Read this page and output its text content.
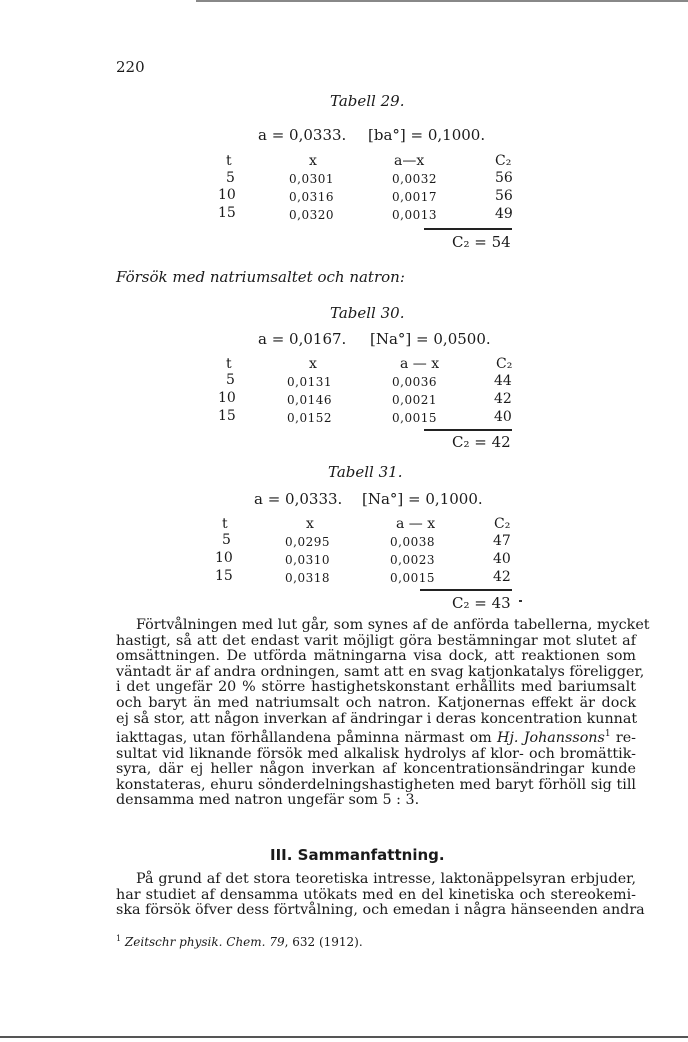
220
Tabell 29.
a = 0,0333. [ba°] = 0,1000.
t	x	a—x	C₂
5	0,0301	0,0032	56
10	0,0316	0,0017	56
15	0,0320	0,0013	49
C₂ = 54
Försök med natriumsaltet och natron:
Tabell 30.
a = 0,0167. [Na°] = 0,0500.
t	x	a — x	C₂
5	0,0131	0,0036	44
10	0,0146	0,0021	42
15	0,0152	0,0015	40
C₂ = 42
Tabell 31.
a = 0,0333. [Na°] = 0,1000.
t	x	a — x	C₂
5	0,0295	0,0038	47
10	0,0310	0,0023	40
15	0,0318	0,0015	42
C₂ = 43
Förtvålningen med lut går, som synes af de anförda tabellerna, mycket
hastigt, så att det endast varit möjligt göra bestämningar mot slutet af
omsättningen. De utförda mätningarna visa dock, att reaktionen som
väntadt är af andra ordningen, samt att en svag katjonkatalys föreligger,
i det ungefär 20 % större hastighetskonstant erhållits med bariumsalt
och baryt än med natriumsalt och natron. Katjonernas effekt är dock
ej så stor, att någon inverkan af ändringar i deras koncentration kunnat
iakttagas, utan förhållandena påminna närmast om Hj. Johanssons$^1$ re-
sultat vid liknande försök med alkalisk hydrolys af klor- och bromättik-
syra, där ej heller någon inverkan af koncentrationsändringar kunde
konstateras, ehuru sönderdelningshastigheten med baryt förhöll sig till
densamma med natron ungefär som 5 : 3.
III. Sammanfattning.
På grund af det stora teoretiska intresse, laktonäppelsyran erbjuder,
har studiet af densamma utökats med en del kinetiska och stereokemi-
ska försök öfver dess förtvålning, och emedan i några hänseenden andra
$^1$ Zeitschr physik. Chem. 79, 632 (1912).
